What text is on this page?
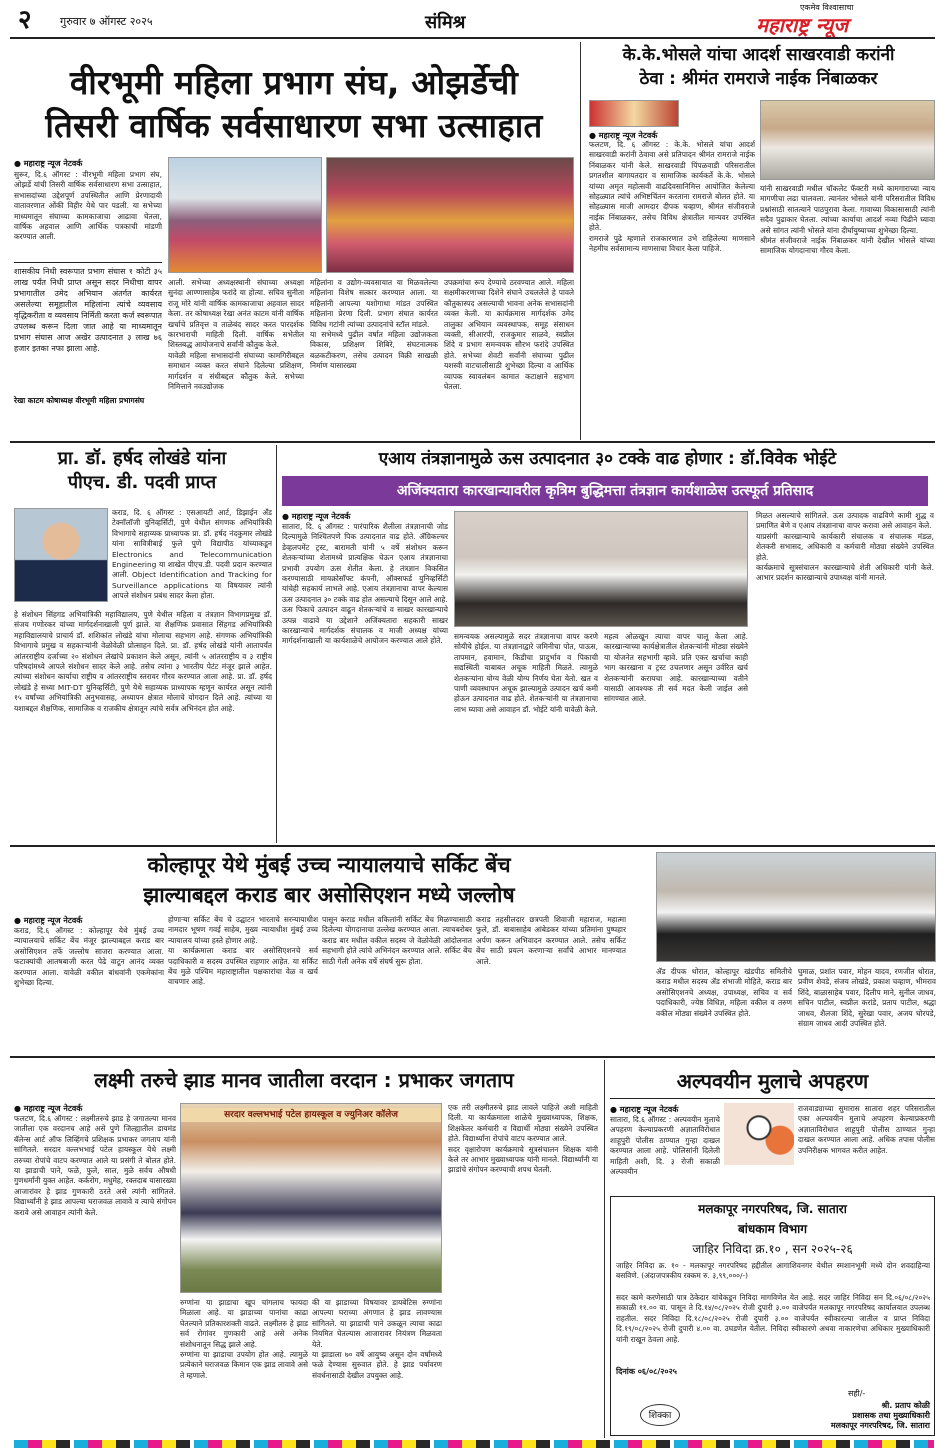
२	गुरुवार ७ ऑगस्ट २०२५	संमिश्र
एकमेव विश्वासाचा
महाराष्ट्र न्यूज
वीरभूमी महिला प्रभाग संघ, ओझर्डेची
तिसरी वार्षिक सर्वसाधारण सभा उत्साहात
● महाराष्ट्र न्यूज नेटवर्क
सुरूर, दि.६ ऑगस्ट : वीरभूमी महिला प्रभाग संघ, ओझर्डे यांची तिसरी वार्षिक सर्वसाधारण सभा उत्साहात, सभासदांच्या उद्देशपूर्ण उपस्थितीत आणि प्रेरणादायी वातावरणात ओंकी विहीर येथे पार पडली. या सभेच्या माध्यमातून संघाच्या कामकाजाचा आढावा घेतला, वार्षिक अहवाल आणि आर्थिक पत्रकाची मांडणी करण्यात आली.
शासकीय निधी स्वरूपात प्रभाग संघास १ कोटी ३५ लाख पर्यंत निधी प्राप्त असून सदर निधीचा वापर प्रभागातील उमेद अभियान अंतर्गत कार्यरत असलेल्या समूहातील महिलांना त्यांचे व्यवसाय वृद्धिकरीता व व्यवसाय निर्मिती करता कर्ज स्वरूपात उपलब्ध करून दिला जात आहे या माध्यमातून प्रभाग संघास आज अखेर उत्पादनात ३ लाख ७६ हजार इतका नफा झाला आहे.
रेखा काटम कोषाध्यक्ष वीरभूमी महिला प्रभागसंघ
आली. सभेच्या अध्यक्षस्थानी संघाच्या अध्यक्षा सुनंदा आण्णासाहेब फरांदे या होत्या. सचिव सुनीता राजू मोरे यांनी वार्षिक कामकाजाचा अहवाल सादर केला. तर कोषाध्यक्ष रेखा अनंत काटम यांनी वार्षिक खर्चाचे प्रतिवृत्त व ताळेबंद सादर करत पारदर्शक कारभाराची माहिती दिली. वार्षिक सभेतील शिस्तबद्ध आयोजनाचे सर्वांनी कौतुक केले.
यावेळी महिला सभासदांनी संघाच्या कामगिरीबद्दल समाधान व्यक्त करत संघाने दिलेल्या प्रशिक्षण, मार्गदर्शन व संधीबद्दल कौतुक केले. सभेच्या निमित्ताने नवउद्योजक
महिलांना व उद्योग-व्यवसायात या मिळवलेल्या महिलांना विशेष सत्कार करण्यात आला. या महिलांनी आपल्या यशोगाथा मांडत उपस्थित महिलांना प्रेरणा दिली. प्रभाग संघात कार्यरत विविध गटांनी त्यांच्या उत्पादनांचे स्टॉल मांडले.
या सभेमध्ये पुढील वर्षात महिला उद्योजकता विकास, प्रशिक्षण शिबिरे, संघटनात्मक बळकटीकरण, तसेच उत्पादन विक्री साखळी निर्माण यासारख्या
उपक्रमांचा रूप देण्याचे ठरवण्यात आले. महिला सक्षमीकरणाच्या दिशेने संघाने उचललेले हे पावले कौतुकास्पद असल्याची भावना अनेक सभासदांनी व्यक्त केली. या कार्यक्रमास मार्गदर्शक उमेद तालुका अभियान व्यवस्थापक, समूह संसाधन व्यक्ती, सीआरपी, राजकुमार साळवे, स्वप्नील शिंदे व प्रभाग समन्वयक सौरभ फरांदे उपस्थित होते. सभेच्या शेवटी सर्वांनी संघाच्या पुढील यशस्वी वाटचालीसाठी शुभेच्छा दिल्या व आर्थिक व्यापक स्वावलंबन कामात कटाक्षाने सहभाग घेतला.
के.के.भोसले यांचा आदर्श साखरवाडी करांनी
ठेवा : श्रीमंत रामराजे नाईक निंबाळकर
● महाराष्ट्र न्यूज नेटवर्क
फलटण, दि. ६ ऑगस्ट : के.के. भोसले यांचा आदर्श साखरवाडी करांनी ठेवावा असे प्रतिपादन श्रीमंत रामराजे नाईक निंबाळकर यांनी केले. साखरवाडी पिंपळवाडी परिसरातील प्रगतशील बागायतदार व सामाजिक कार्यकर्ते के.के. भोसले यांच्या अमृत महोत्सवी वाढदिवसानिमित्त आयोजित केलेल्या सोहळ्यात त्यांचे अभिष्टचिंतन करताना रामराजे बोलत होते. या सोहळ्यास माजी आमदार दीपक चव्हाण, श्रीमंत संजीवराजे नाईक निंबाळकर, तसेच विविध क्षेत्रातील मान्यवर उपस्थित होते.
रामराजे पुढे म्हणाले राजकारणात उभे राहिलेल्या माणसाने नेहमीच सर्वसामान्य माणसाचा विचार केला पाहिजे.
यांनी साखरवाडी मधील चॉकलेट फॅक्टरी मध्ये कामगाराच्या न्याय मागणीचा लढा चालवला. त्यानंतर भोसले यांनी परिसरातील विविध प्रश्नांसाठी सातत्याने पाठपुरावा केला. गावाच्या विकासासाठी त्यांनी सदैव पुढाकार घेतला. त्यांच्या कार्याचा आदर्श नव्या पिढीने घ्यावा असे सांगत त्यांनी भोसले यांना दीर्घायुष्याच्या शुभेच्छा दिल्या.
श्रीमंत संजीवराजे नाईक निंबाळकर यांनी देखील भोसले यांच्या सामाजिक योगदानाचा गौरव केला.
प्रा. डॉ. हर्षद लोखंडे यांना
पीएच. डी. पदवी प्राप्त
कराड, दि. ६ ऑगस्ट : एसआयटी आर्ट, डिझाईन ॲंड टेक्नॉलॉजी युनिव्हर्सिटी, पुणे येथील संगणक अभियांत्रिकी विभागाचे सहाय्यक प्राध्यापक प्रा. डॉ. हर्षद नंदकुमार लोखंडे यांना सावित्रीबाई फुले पुणे विद्यापीठ यांच्याकडून Electronics and Telecommunication Engineering या शाखेत पीएच.डी. पदवी प्रदान करण्यात आली. Object Identification and Tracking for Surveillance applications या विषयावर त्यांनी आपले संशोधन प्रबंध सादर केला होता.
हे संशोधन सिंहगड अभियांत्रिकी महाविद्यालय, पुणे येथील महिला व तंत्रज्ञान विभागप्रमुख डॉ. संजय गणोरकर यांच्या मार्गदर्शनाखाली पूर्ण झाले. या शैक्षणिक प्रवासात सिंहगड अभियांत्रिकी महाविद्यालयाचे प्राचार्य डॉ. शशिकांत लोखंडे यांचा मोलाचा सहभाग आहे. संगणक अभियांत्रिकी विभागाचे प्रमुख व सहकाऱ्यांनी वेळोवेळी प्रोत्साहन दिले. प्रा. डॉ. हर्षद लोखंडे यांनी आतापर्यंत आंतरराष्ट्रीय दर्जाच्या २० संशोधन लेखांचे प्रकाशन केले असून, त्यांनी ५ आंतरराष्ट्रीय व ३ राष्ट्रीय परिषदांमध्ये आपले संशोधन सादर केले आहे. तसेच त्यांना ३ भारतीय पेटंट मंजूर झाले आहेत. त्यांच्या संशोधन कार्याचा राष्ट्रीय व आंतरराष्ट्रीय स्तरावर गौरव करण्यात आला आहे. प्रा. डॉ. हर्षद लोखंडे हे सध्या MIT-DT युनिव्हर्सिटी, पुणे येथे सहाय्यक प्राध्यापक म्हणून कार्यरत असून त्यांनी १५ वर्षांच्या अभियांत्रिकी अनुभवासह, अध्यापन क्षेत्रात मोलाचे योगदान दिले आहे. त्यांच्या या यशाबद्दल शैक्षणिक, सामाजिक व राजकीय क्षेत्रातून त्यांचे सर्वत्र अभिनंदन होत आहे.
एआय तंत्रज्ञानामुळे ऊस उत्पादनात ३० टक्के वाढ होणार : डॉ.विवेक भोईटे
अजिंक्यतारा कारखान्यावरील कृत्रिम बुद्धिमत्ता तंत्रज्ञान कार्यशाळेस उत्स्फूर्त प्रतिसाद
● महाराष्ट्र न्यूज नेटवर्क
सातारा, दि. ६ ऑगस्ट : पारंपारिक शैलीला तंत्रज्ञानाची जोड दिल्यामुळे निश्चितपणे पिक उत्पादनात वाढ होते. ॲग्रिकल्चर डेव्हलपमेंट ट्रस्ट, बारामती यांनी ५ वर्षे संशोधन करून शेतकऱ्यांच्या शेतामध्ये प्रात्यक्षिक घेऊन एआय तंत्रज्ञानाचा प्रभावी उपयोग ऊस शेतीत केला. हे तंत्रज्ञान विकसित करण्यासाठी मायक्रोसॉफ्ट कंपनी, ऑक्सफर्ड युनिव्हर्सिटी यांचेही सहकार्य लाभले आहे. एआय तंत्रज्ञानाचा वापर केल्यास ऊस उत्पादनात ३० टक्के वाढ होत असल्याचे दिसून आले आहे.
ऊस पिकाचे उत्पादन वाढून शेतकऱ्यांचे व साखर कारखान्याचे उत्पन्न वाढावे या उद्देशाने अजिंक्यतारा सहकारी साखर कारखान्याचे मार्गदर्शक संचालक व माजी अध्यक्ष यांच्या मार्गदर्शनाखाली या कार्यशाळेचे आयोजन करण्यात आले होते.	समन्वयक असल्यामुळे सदर तंत्रज्ञानाचा वापर करणे सोयीचे होईल. या तंत्रज्ञानाद्वारे जमिनीचा पोत, पाऊस, तापमान, हवामान, किडीचा प्रादुर्भाव व पिकाची सद्यस्थिती याबाबत अचूक माहिती मिळते. त्यामुळे शेतकऱ्यांना योग्य वेळी योग्य निर्णय घेता येतो. खत व पाणी व्यवस्थापन अचूक झाल्यामुळे उत्पादन खर्च कमी होऊन उत्पादनात वाढ होते. शेतकऱ्यांनी या तंत्रज्ञानाचा लाभ घ्यावा असे आवाहन डॉ. भोईटे यांनी यावेळी केले.
महत्व ओळखून त्याचा वापर चालू केला आहे. कारखान्याच्या कार्यक्षेत्रातील शेतकऱ्यांनी मोठ्या संख्येने या योजनेत सहभागी व्हावे. प्रति एकर खर्चाचा काही भाग कारखाना व ट्रस्ट उचलणार असून उर्वरित खर्च शेतकऱ्यांनी करायचा आहे. कारखान्याच्या वतीने यासाठी आवश्यक ती सर्व मदत केली जाईल असे सांगण्यात आले.
मिळत असल्याचे सांगितले. ऊस उत्पादक वाढविणे कामी शुद्ध व प्रमाणित बेणे व एआय तंत्रज्ञानाचा वापर करावा असे आवाहन केले.
याप्रसंगी कारखान्याचे कार्यकारी संचालक व संचालक मंडळ, शेतकरी सभासद, अधिकारी व कर्मचारी मोठ्या संख्येने उपस्थित होते.
कार्यक्रमाचे सूत्रसंचालन कारखान्याचे शेती अधिकारी यांनी केले. आभार प्रदर्शन कारखान्याचे उपाध्यक्ष यांनी मानले.
कोल्हापूर येथे मुंबई उच्च न्यायालयाचे सर्किट बेंच
झाल्याबद्दल कराड बार असोसिएशन मध्ये जल्लोष
● महाराष्ट्र न्यूज नेटवर्क
कराड, दि.६ ऑगस्ट : कोल्हापूर येथे मुंबई उच्च न्यायालयाचे सर्किट बेंच मंजूर झाल्याबद्दल कराड बार असोसिएशन तर्फे जल्लोष साजरा करण्यात आला. फटाक्यांची आतषबाजी करत पेढे वाटून आनंद व्यक्त करण्यात आला. यावेळी वकील बांधवांनी एकमेकांना शुभेच्छा दिल्या.
होणाऱ्या सर्किट बेंच चे उद्घाटन भारताचे सरन्यायाधीश नामदार भूषण गवई साहेब, मुख्य न्यायाधीश मुंबई उच्च न्यायालय यांच्या हस्ते होणार आहे.
या कार्यक्रमाला कराड बार असोसिएशनचे सर्व पदाधिकारी व सदस्य उपस्थित राहणार आहेत. या सर्किट बेंच मुळे पश्चिम महाराष्ट्रातील पक्षकारांचा वेळ व खर्च वाचणार आहे.
पासून कराड मधील वकिलांनी सर्किट बेंच मिळण्यासाठी दिलेल्या योगदानाचा उल्लेख करण्यात आला. त्याचबरोबर कराड बार मधील वकील सदस्य जे वेळोवेळी आंदोलनात सहभागी होते त्यांचे अभिनंदन करण्यात आले. सर्किट बेंच साठी गेली अनेक वर्षे संघर्ष सुरू होता.
कराड तहसीलदार छत्रपती शिवाजी महाराज, महात्मा फुले, डॉ. बाबासाहेब आंबेडकर यांच्या प्रतिमांना पुष्पहार अर्पण करून अभिवादन करण्यात आले. तसेच सर्किट बेंच साठी प्रयत्न करणाऱ्या सर्वांचे आभार मानण्यात आले.
ॲड दीपक थोरात, कोल्हापूर खंडपीठ समितीचे कराड मधील सदस्य ॲड संभाजी मोहिते, कराड बार असोसिएशनचे अध्यक्ष, उपाध्यक्ष, सचिव व सर्व पदाधिकारी, ज्येष्ठ विधिज्ञ, महिला वकील व तरुण वकील मोठ्या संख्येने उपस्थित होते.
घुमाळ, प्रशांत पवार, मोहन यादव, रणजीत थोरात, प्रवीण शेवडे, संजय लोखंडे, प्रकाश चव्हाण, भीमराव शिंदे, बाळासाहेब पवार, दिलीप माने, सुनील जाधव, सचिन पाटील, स्वप्नील करांडे, प्रताप पाटील, श्रद्धा जाधव, शैलजा शिंदे, सुरेखा पवार, अजय घोरपडे, संग्राम जाधव आदी उपस्थित होते.
लक्ष्मी तरुचे झाड मानव जातीला वरदान : प्रभाकर जगताप
● महाराष्ट्र न्यूज नेटवर्क
फलटण, दि.६ ऑगस्ट : लक्ष्मीतरुचे झाड हे जगातल्या मानव जातीला एक वरदानच आहे असे पुणे जिल्ह्यातील डायमंड बॅलेन्स आर्ट ऑफ लिव्हिंगचे प्रशिक्षक प्रभाकर जगताप यांनी सांगितले. सरदार वल्लभभाई पटेल हायस्कूल येथे लक्ष्मी तरुच्या रोपांचे वाटप करण्यात आले या प्रसंगी ते बोलत होते. या झाडाची पाने, फळे, फुले, साल, मुळे सर्वच औषधी गुणधर्मांनी युक्त आहेत. कर्करोग, मधुमेह, रक्तदाब यासारख्या आजारांवर हे झाड गुणकारी ठरते असे त्यांनी सांगितले. विद्यार्थ्यांनी हे झाड आपल्या घराजवळ लावावे व त्याचे संगोपन करावे असे आवाहन त्यांनी केले.
सरदार वल्लभभाई पटेल हायस्कूल व ज्युनिअर कॉलेज
रुग्णांना या झाडाचा खूप चांगलाच फायदा मिळाला आहे. या झाडाच्या पानांचा काढा घेतल्याने प्रतिकारशक्ती वाढते. लक्ष्मीतरु हे झाड सर्व रोगांवर गुणकारी आहे असे अनेक संशोधनातून सिद्ध झाले आहे.
रुग्णांना या झाडाचा उपयोग होत आहे. त्यामुळे प्रत्येकाने घराजवळ किमान एक झाड लावावे असे ते म्हणाले.
की या झाडाच्या विषयावर डायबेटिस रुग्णांना आपल्या घराच्या अंगणात हे झाड लावण्यास सांगितले. या झाडाची पाने उकळून त्याचा काढा नियमित घेतल्यास आजारावर नियंत्रण मिळवता येते.
या झाडाला ७० वर्षे आयुष्य असून दोन वर्षांमध्ये फळे देण्यास सुरुवात होते. हे झाड पर्यावरण संवर्धनासाठी देखील उपयुक्त आहे.
एक तरी लक्ष्मीतरुचे झाड लावले पाहिजे अशी माहिती दिली. या कार्यक्रमाला शाळेचे मुख्याध्यापक, शिक्षक, शिक्षकेतर कर्मचारी व विद्यार्थी मोठ्या संख्येने उपस्थित होते. विद्यार्थ्यांना रोपांचे वाटप करण्यात आले.
सदर वृक्षारोपण कार्यक्रमाचे सूत्रसंचालन शिक्षक यांनी केले तर आभार मुख्याध्यापक यांनी मानले. विद्यार्थ्यांनी या झाडांचे संगोपन करण्याची शपथ घेतली.
अल्पवयीन मुलाचे अपहरण
● महाराष्ट्र न्यूज नेटवर्क
सातारा, दि.६ ऑगस्ट : अल्पवयीन मुलाचे अपहरण केल्याप्रकरणी अज्ञाताविरोधात शाहूपुरी पोलीस ठाण्यात गुन्हा दाखल करण्यात आला आहे. पोलिसांनी दिलेली माहिती अशी, दि. ३ रोजी सकाळी अल्पवयीन
राजवाड्याच्या सुमारास सातारा शहर परिसरातील एका अल्पवयीन मुलाचे अपहरण केल्याप्रकरणी अज्ञाताविरोधात शाहूपुरी पोलीस ठाण्यात गुन्हा दाखल करण्यात आला आहे. अधिक तपास पोलीस उपनिरीक्षक भागवत करीत आहेत.
मलकापूर नगरपरिषद, जि. सातारा
बांधकाम विभाग
जाहिर निविदा क्र.१० , सन २०२५-२६
जाहिर निविदा क्र. १० - मलकापूर नगरपरिषद हद्दीतील आगाशिवनगर येथील स्मशानभूमी मध्ये दोन शवदाहिन्या बसविणे. (अंदाजपत्रकीय रक्कम रु. ३,९९,०००/-)
सदर कामे करणेसाठी पात्र ठेकेदार यांचेकडून निविदा मागविणेत येत आहे. सदर जाहिर निविदा सन दि.०६/०८/२०२५ सकाळी ११.०० वा. पासून ते दि.१४/०८/२०२५ रोजी दुपारी ३.०० वाजेपर्यंत मलकापूर नगरपरिषद कार्यालयात उपलब्ध राहतील. सदर निविदा दि.१८/०८/२०२५ रोजी दुपारी ३.०० वाजेपर्यंत स्वीकारल्या जातील व प्राप्त निविदा दि.१९/०८/२०२५ रोजी दुपारी ४.०० वा. उघडणेत येतील. निविदा स्वीकारणे अथवा नाकारणेचा अधिकार मुख्याधिकारी यांनी राखून ठेवला आहे.
दिनांक ०६/०८/२०२५
शिक्का
सही/-
श्री. प्रताप कोळी
प्रशासक तथा मुख्याधिकारी
मलकापूर नगरपरिषद, जि. सातारा
